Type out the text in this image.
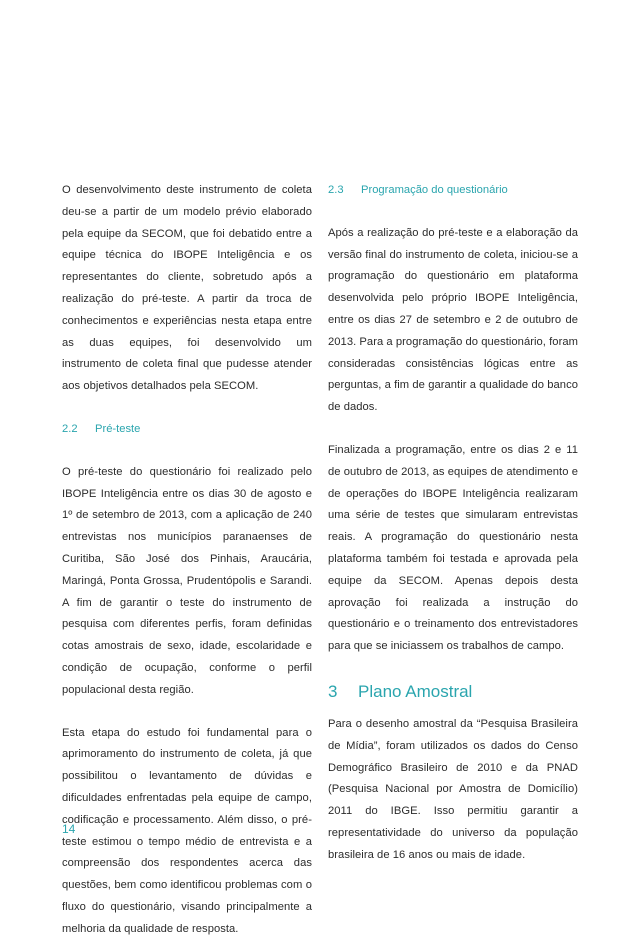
O desenvolvimento deste instrumento de coleta deu-se a partir de um modelo prévio elaborado pela equipe da SECOM, que foi debatido entre a equipe técnica do IBOPE Inteligência e os representantes do cliente, sobretudo após a realização do pré-teste. A partir da troca de conhecimentos e experiências nesta etapa entre as duas equipes, foi desenvolvido um instrumento de coleta final que pudesse atender aos objetivos detalhados pela SECOM.

2.2	Pré-teste

O pré-teste do questionário foi realizado pelo IBOPE Inteligência entre os dias 30 de agosto e 1º de setembro de 2013, com a aplicação de 240 entrevistas nos municípios paranaenses de Curitiba, São José dos Pinhais, Araucária, Maringá, Ponta Grossa, Prudentópolis e Sarandi. A fim de garantir o teste do instrumento de pesquisa com diferentes perfis, foram definidas cotas amostrais de sexo, idade, escolaridade e condição de ocupação, conforme o perfil populacional desta região.

Esta etapa do estudo foi fundamental para o aprimoramento do instrumento de coleta, já que possibilitou o levantamento de dúvidas e dificuldades enfrentadas pela equipe de campo, codificação e processamento. Além disso, o pré-teste estimou o tempo médio de entrevista e a compreensão dos respondentes acerca das questões, bem como identificou problemas com o fluxo do questionário, visando principalmente a melhoria da qualidade de resposta.

2.3	Programação do questionário

Após a realização do pré-teste e a elaboração da versão final do instrumento de coleta, iniciou-se a programação do questionário em plataforma desenvolvida pelo próprio IBOPE Inteligência, entre os dias 27 de setembro e 2 de outubro de 2013. Para a programação do questionário, foram consideradas consistências lógicas entre as perguntas, a fim de garantir a qualidade do banco de dados.

Finalizada a programação, entre os dias 2 e 11 de outubro de 2013, as equipes de atendimento e de operações do IBOPE Inteligência realizaram uma série de testes que simularam entrevistas reais. A programação do questionário nesta plataforma também foi testada e aprovada pela equipe da SECOM. Apenas depois desta aprovação foi realizada a instrução do questionário e o treinamento dos entrevistadores para que se iniciassem os trabalhos de campo.

3	Plano Amostral

Para o desenho amostral da “Pesquisa Brasileira de Mídia”, foram utilizados os dados do Censo Demográfico Brasileiro de 2010 e da PNAD (Pesquisa Nacional por Amostra de Domicílio) 2011 do IBGE. Isso permitiu garantir a representatividade do universo da população brasileira de 16 anos ou mais de idade.

14
